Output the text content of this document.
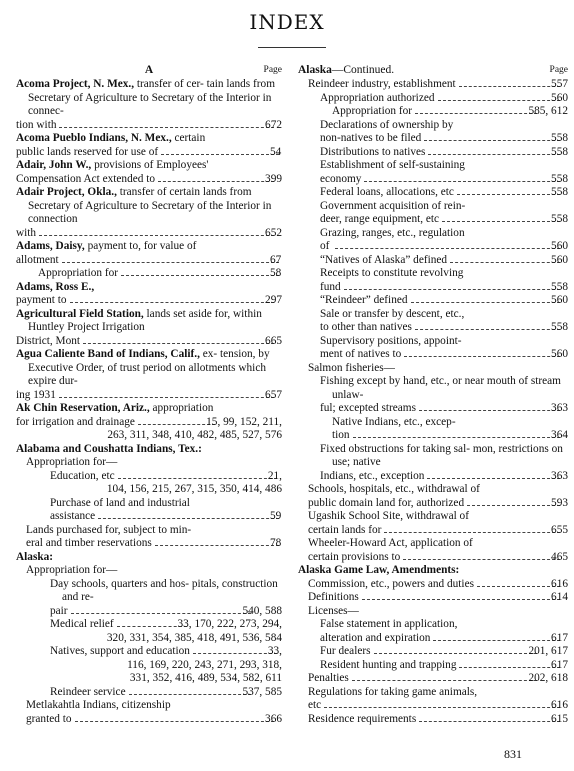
INDEX
A	Page
Acoma Project, N. Mex., transfer of cer- tain lands from Secretary of Agriculture to Secretary of the Interior in connec-
tion with	672
Acoma Pueblo Indians, N. Mex., certain
public lands reserved for use of	54
Adair, John W., provisions of Employees'
Compensation Act extended to	399
Adair Project, Okla., transfer of certain lands from Secretary of Agriculture to Secretary of the Interior in connection
with	652
Adams, Daisy, payment to, for value of
allotment	67
Appropriation for	58
Adams, Ross E.,
payment to	297
Agricultural Field Station, lands set aside for, within Huntley Project Irrigation
District, Mont	665
Agua Caliente Band of Indians, Calif., ex- tension, by Executive Order, of trust period on allotments which expire dur-
ing 1931	657
Ak Chin Reservation, Ariz., appropriation
for irrigation and drainage	15, 99, 152, 211,
263, 311, 348, 410, 482, 485, 527, 576
Alabama and Coushatta Indians, Tex.:
Appropriation for—
Education, etc	21,
104, 156, 215, 267, 315, 350, 414, 486
Purchase of land and industrial
assistance	59
Lands purchased for, subject to min-
eral and timber reservations	78
Alaska:
Appropriation for—
Day schools, quarters and hos- pitals, construction and re-
pair	540, 588
Medical relief	33, 170, 222, 273, 294,
320, 331, 354, 385, 418, 491, 536, 584
Natives, support and education	33,
116, 169, 220, 243, 271, 293, 318,
331, 352, 416, 489, 534, 582, 611
Reindeer service	537, 585
Metlakahtla Indians, citizenship
granted to	366
Alaska—Continued.	Page
Reindeer industry, establishment	557
Appropriation authorized	560
Appropriation for	585, 612
Declarations of ownership by
non-natives to be filed	558
Distributions to natives	558
Establishment of self-sustaining
economy	558
Federal loans, allocations, etc	558
Government acquisition of rein-
deer, range equipment, etc	558
Grazing, ranges, etc., regulation
of	560
“Natives of Alaska” defined	560
Receipts to constitute revolving
fund	558
“Reindeer” defined	560
Sale or transfer by descent, etc.,
to other than natives	558
Supervisory positions, appoint-
ment of natives to	560
Salmon fisheries—
Fishing except by hand, etc., or near mouth of stream unlaw-
ful; excepted streams	363
Native Indians, etc., excep-
tion	364
Fixed obstructions for taking sal- mon, restrictions on use; native
Indians, etc., exception	363
Schools, hospitals, etc., withdrawal of
public domain land for, authorized	593
Ugashik School Site, withdrawal of
certain lands for	655
Wheeler-Howard Act, application of
certain provisions to	465
Alaska Game Law, Amendments:
Commission, etc., powers and duties	616
Definitions	614
Licenses—
False statement in application,
alteration and expiration	617
Fur dealers	201, 617
Resident hunting and trapping	617
Penalties	202, 618
Regulations for taking game animals,
etc	616
Residence requirements	615
831
